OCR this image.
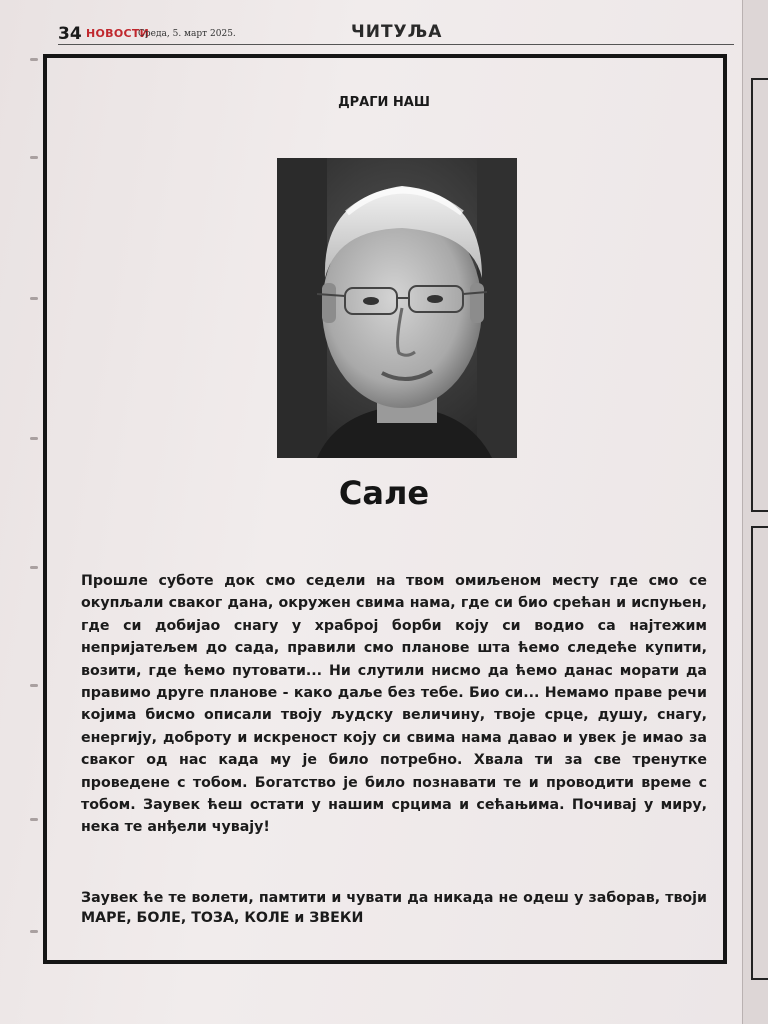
34 НОВОСТИ
Среда, 5. март 2025.	ЧИТУЉА
ДРАГИ НАШ
Сале
Прошле суботе док смо седели на твом омиљеном месту где смо се окупљали сваког дана, окружен свима нама, где си био срећан и испуњен, где си добијао снагу у храброј борби коју си водио са најтежим непријатељем до сада, правили смо планове шта ћемо следеће купити, возити, где ћемо путовати... Ни слутили нисмо да ћемо данас морати да правимо друге планове - како даље без тебе. Био си... Немамо праве речи којима бисмо описали твоју људску величину, твоје срце, душу, снагу, енергију, доброту и искреност коју си свима нама давао и увек је имао за сваког од нас када му је било потребно. Хвала ти за све тренутке проведене с тобом. Богатство је било познавати те и проводити време с тобом. Заувек ћеш остати у нашим срцима и сећањима. Почивај у миру, нека те анђели чувају!
Заувек ће те волети, памтити и чувати да никада не одеш у заборав, твоји МАРЕ, БОЛЕ, ТОЗА, КОЛЕ и ЗВЕКИ
